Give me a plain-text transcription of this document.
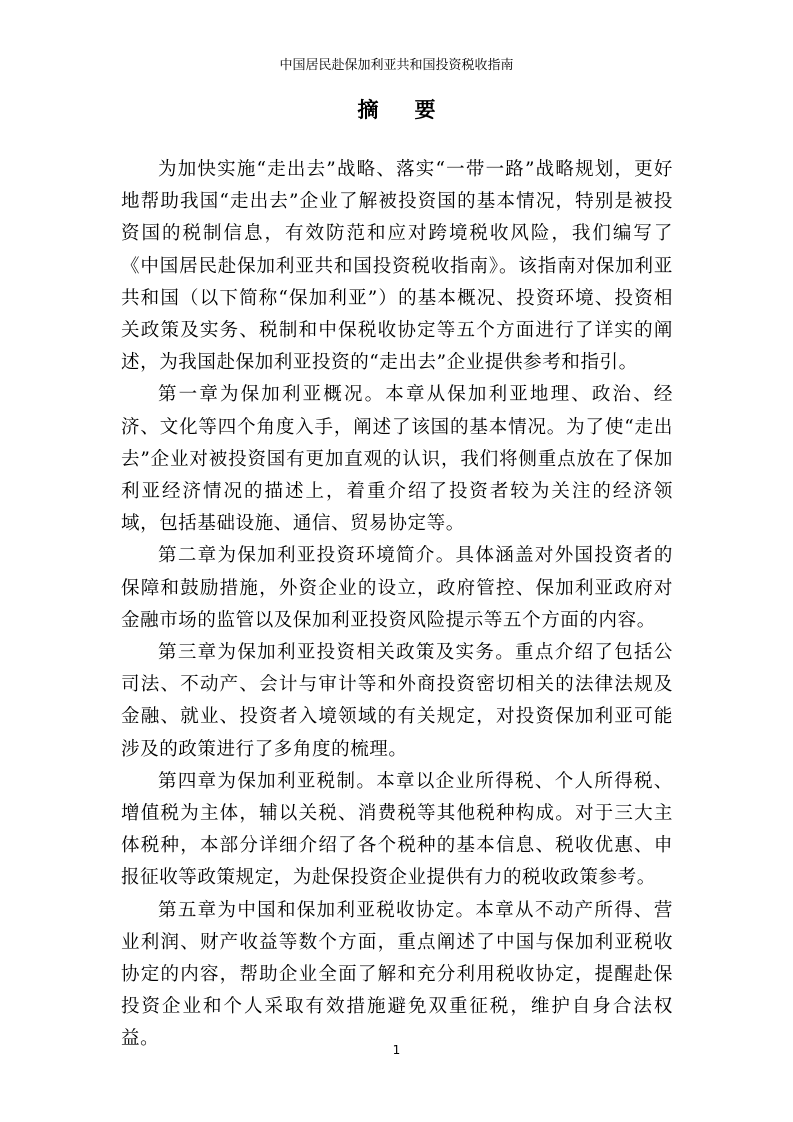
中国居民赴保加利亚共和国投资税收指南
摘要

为加快实施“走出去”战略、落实“一带一路”战略规划，更好地帮助我国“走出去”企业了解被投资国的基本情况，特别是被投资国的税制信息，有效防范和应对跨境税收风险，我们编写了《中国居民赴保加利亚共和国投资税收指南》。该指南对保加利亚共和国（以下简称“保加利亚”）的基本概况、投资环境、投资相关政策及实务、税制和中保税收协定等五个方面进行了详实的阐述，为我国赴保加利亚投资的“走出去”企业提供参考和指引。

第一章为保加利亚概况。本章从保加利亚地理、政治、经济、文化等四个角度入手，阐述了该国的基本情况。为了使“走出去”企业对被投资国有更加直观的认识，我们将侧重点放在了保加利亚经济情况的描述上，着重介绍了投资者较为关注的经济领域，包括基础设施、通信、贸易协定等。

第二章为保加利亚投资环境简介。具体涵盖对外国投资者的保障和鼓励措施，外资企业的设立，政府管控、保加利亚政府对金融市场的监管以及保加利亚投资风险提示等五个方面的内容。

第三章为保加利亚投资相关政策及实务。重点介绍了包括公司法、不动产、会计与审计等和外商投资密切相关的法律法规及金融、就业、投资者入境领域的有关规定，对投资保加利亚可能涉及的政策进行了多角度的梳理。

第四章为保加利亚税制。本章以企业所得税、个人所得税、增值税为主体，辅以关税、消费税等其他税种构成。对于三大主体税种，本部分详细介绍了各个税种的基本信息、税收优惠、申报征收等政策规定，为赴保投资企业提供有力的税收政策参考。

第五章为中国和保加利亚税收协定。本章从不动产所得、营业利润、财产收益等数个方面，重点阐述了中国与保加利亚税收协定的内容，帮助企业全面了解和充分利用税收协定，提醒赴保投资企业和个人采取有效措施避免双重征税，维护自身合法权益。

1
